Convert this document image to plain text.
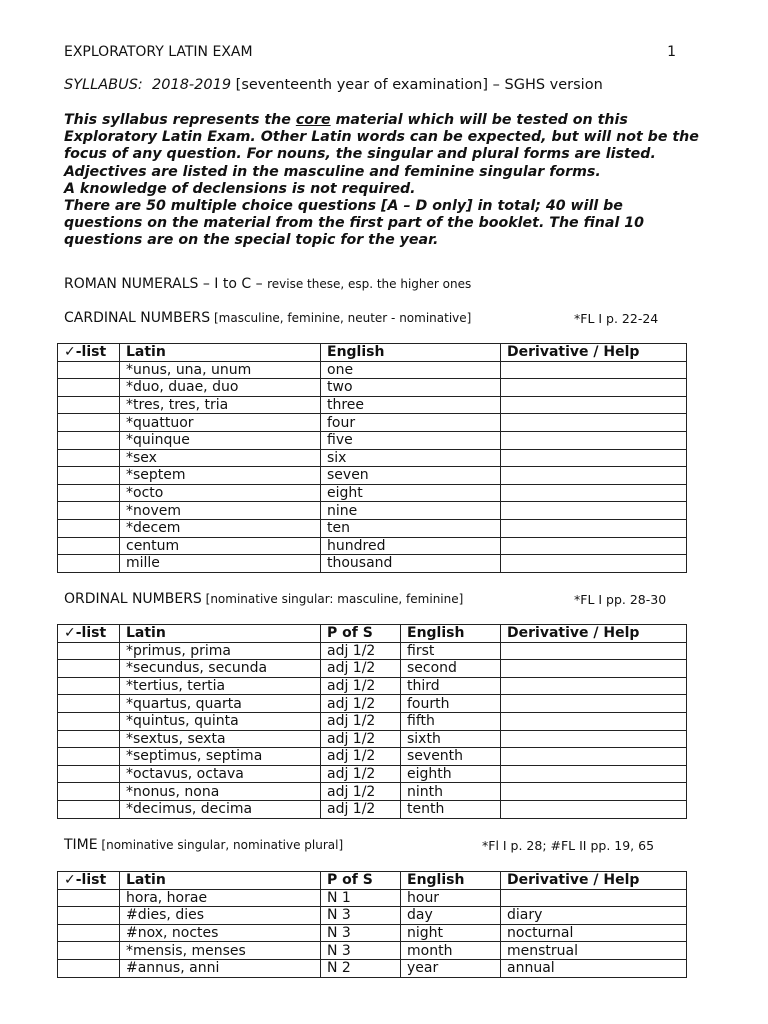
EXPLORATORY LATIN EXAM	1
SYLLABUS: 2018-2019 [seventeenth year of examination] – SGHS version

This syllabus represents the core material which will be tested on this

Exploratory Latin Exam. Other Latin words can be expected, but will not be the

focus of any question. For nouns, the singular and plural forms are listed.

Adjectives are listed in the masculine and feminine singular forms.

A knowledge of declensions is not required.

There are 50 multiple choice questions [A – D only] in total; 40 will be

questions on the material from the first part of the booklet. The final 10

questions are on the special topic for the year.

ROMAN NUMERALS – I to C – revise these, esp. the higher ones
CARDINAL NUMBERS [masculine, feminine, neuter - nominative]	*FL I p. 22-24
✓-list	Latin	English	Derivative / Help
	*unus, una, unum	one	
	*duo, duae, duo	two	
	*tres, tres, tria	three	
	*quattuor	four	
	*quinque	five	
	*sex	six	
	*septem	seven	
	*octo	eight	
	*novem	nine	
	*decem	ten	
	centum	hundred	
	mille	thousand	
ORDINAL NUMBERS [nominative singular: masculine, feminine]	*FL I pp. 28-30
✓-list	Latin	P of S	English	Derivative / Help
	*primus, prima	adj 1/2	first	
	*secundus, secunda	adj 1/2	second	
	*tertius, tertia	adj 1/2	third	
	*quartus, quarta	adj 1/2	fourth	
	*quintus, quinta	adj 1/2	fifth	
	*sextus, sexta	adj 1/2	sixth	
	*septimus, septima	adj 1/2	seventh	
	*octavus, octava	adj 1/2	eighth	
	*nonus, nona	adj 1/2	ninth	
	*decimus, decima	adj 1/2	tenth	
TIME [nominative singular, nominative plural]	*Fl I p. 28; #FL II pp. 19, 65
✓-list	Latin	P of S	English	Derivative / Help
	hora, horae	N 1	hour	
	#dies, dies	N 3	day	diary
	#nox, noctes	N 3	night	nocturnal
	*mensis, menses	N 3	month	menstrual
	#annus, anni	N 2	year	annual
